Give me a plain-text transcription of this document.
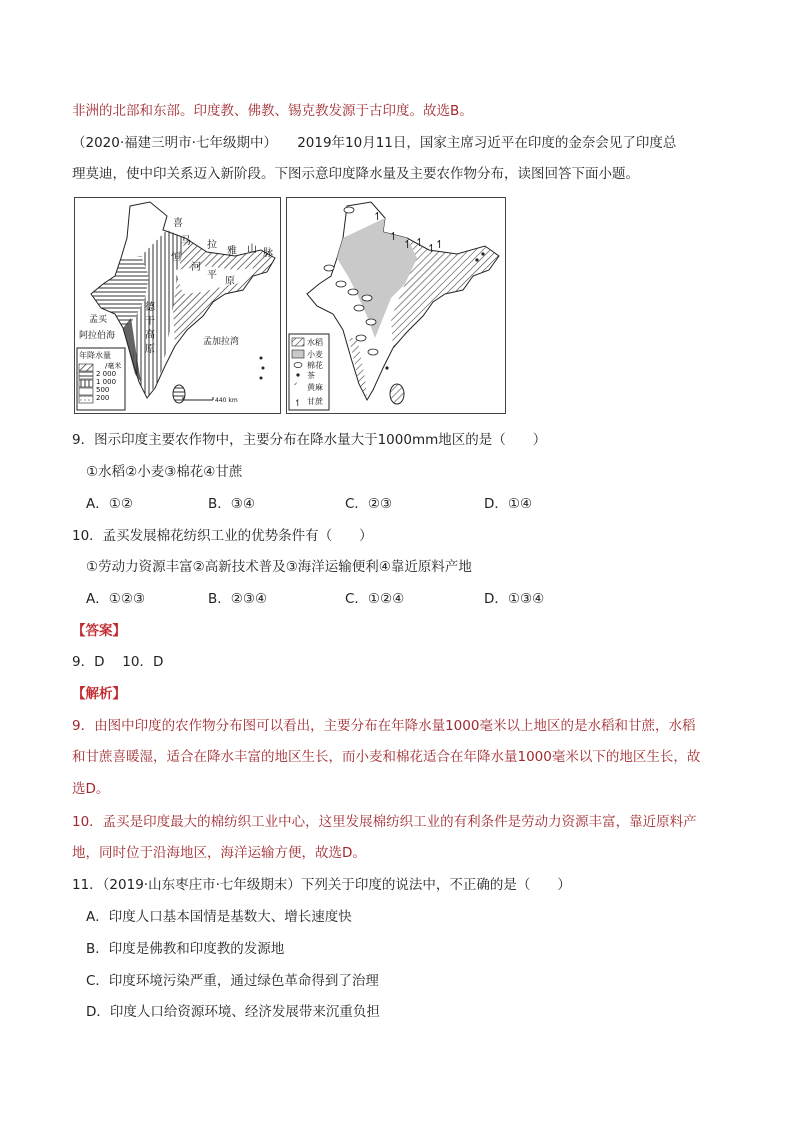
非洲的北部和东部。印度教、佛教、锡克教发源于古印度。故选B。
（2020·福建三明市·七年级期中）　　2019年10月11日，国家主席习近平在印度的金奈会见了印度总
理莫迪，使中印关系迈入新阶段。下图示意印度降水量及主要农作物分布，读图回答下面小题。
喜
马 拉
雅 山 脉
恒
河
平
原
德
干
高
原
孟买
阿拉伯海
孟加拉湾
年降水量
/毫米
2 000
1 000
500
200	440 km
↿
↿
↿ ↿ ↿
↿
ᐟ
↿
水稻
小麦
棉花
茶
黄麻
甘蔗
9．图示印度主要农作物中，主要分布在降水量大于1000mm地区的是（　　）
①水稻②小麦③棉花④甘蔗
A．①②	B．③④	C．②③	D．①④
10．孟买发展棉花纺织工业的优势条件有（　　）
①劳动力资源丰富②高新技术普及③海洋运输便利④靠近原料产地
A．①②③	B．②③④	C．①②④	D．①③④
【答案】
9．D　 10．D
【解析】
9．由图中印度的农作物分布图可以看出，主要分布在年降水量1000毫米以上地区的是水稻和甘蔗，水稻
和甘蔗喜暖湿，适合在降水丰富的地区生长，而小麦和棉花适合在年降水量1000毫米以下的地区生长，故
选D。
10．孟买是印度最大的棉纺织工业中心，这里发展棉纺织工业的有利条件是劳动力资源丰富，靠近原料产
地，同时位于沿海地区，海洋运输方便，故选D。
11．（2019·山东枣庄市·七年级期末）下列关于印度的说法中，不正确的是（　　）
A．印度人口基本国情是基数大、增长速度快
B．印度是佛教和印度教的发源地
C．印度环境污染严重，通过绿色革命得到了治理
D．印度人口给资源环境、经济发展带来沉重负担
